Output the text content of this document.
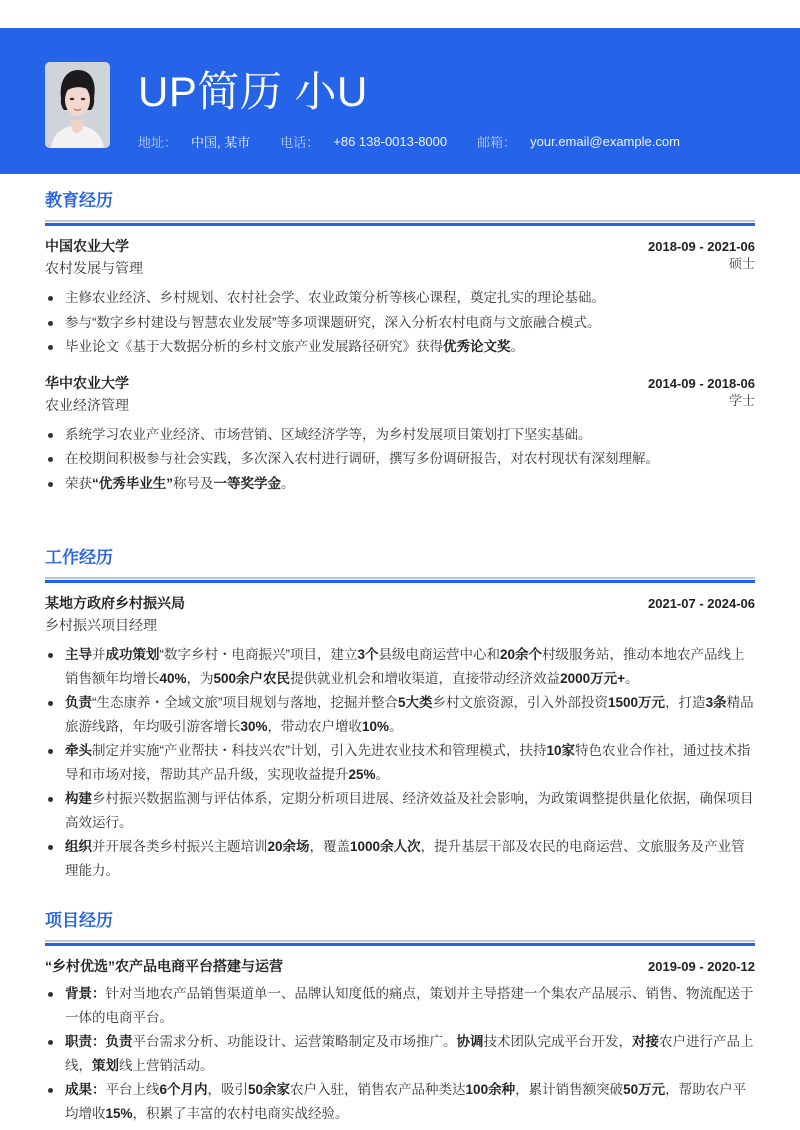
UP简历 小U
地址： 中国, 某市 电话： +86 138-0013-8000 邮箱： your.email@example.com
教育经历
中国农业大学	2018-09 - 2021-06
农村发展与管理	硕士
主修农业经济、乡村规划、农村社会学、农业政策分析等核心课程，奠定扎实的理论基础。
参与“数字乡村建设与智慧农业发展”等多项课题研究，深入分析农村电商与文旅融合模式。
毕业论文《基于大数据分析的乡村文旅产业发展路径研究》获得优秀论文奖。
华中农业大学	2014-09 - 2018-06
农业经济管理	学士
系统学习农业产业经济、市场营销、区域经济学等，为乡村发展项目策划打下坚实基础。
在校期间积极参与社会实践，多次深入农村进行调研，撰写多份调研报告，对农村现状有深刻理解。
荣获“优秀毕业生”称号及一等奖学金。
工作经历
某地方政府乡村振兴局	2021-07 - 2024-06
乡村振兴项目经理
主导并成功策划“数字乡村・电商振兴”项目，建立3个县级电商运营中心和20余个村级服务站，推动本地农产品线上销售额年均增长40%，为500余户农民提供就业机会和增收渠道，直接带动经济效益2000万元+。
负责“生态康养・全域文旅”项目规划与落地，挖掘并整合5大类乡村文旅资源，引入外部投资1500万元，打造3条精品旅游线路，年均吸引游客增长30%，带动农户增收10%。
牵头制定并实施“产业帮扶・科技兴农”计划，引入先进农业技术和管理模式，扶持10家特色农业合作社，通过技术指导和市场对接，帮助其产品升级，实现收益提升25%。
构建乡村振兴数据监测与评估体系，定期分析项目进展、经济效益及社会影响，为政策调整提供量化依据，确保项目高效运行。
组织并开展各类乡村振兴主题培训20余场，覆盖1000余人次，提升基层干部及农民的电商运营、文旅服务及产业管理能力。
项目经历
“乡村优选”农产品电商平台搭建与运营	2019-09 - 2020-12
背景：针对当地农产品销售渠道单一、品牌认知度低的痛点，策划并主导搭建一个集农产品展示、销售、物流配送于一体的电商平台。
职责：负责平台需求分析、功能设计、运营策略制定及市场推广。协调技术团队完成平台开发，对接农户进行产品上线，策划线上营销活动。
成果：平台上线6个月内，吸引50余家农户入驻，销售农产品种类达100余种，累计销售额突破50万元，帮助农户平均增收15%，积累了丰富的农村电商实战经验。
